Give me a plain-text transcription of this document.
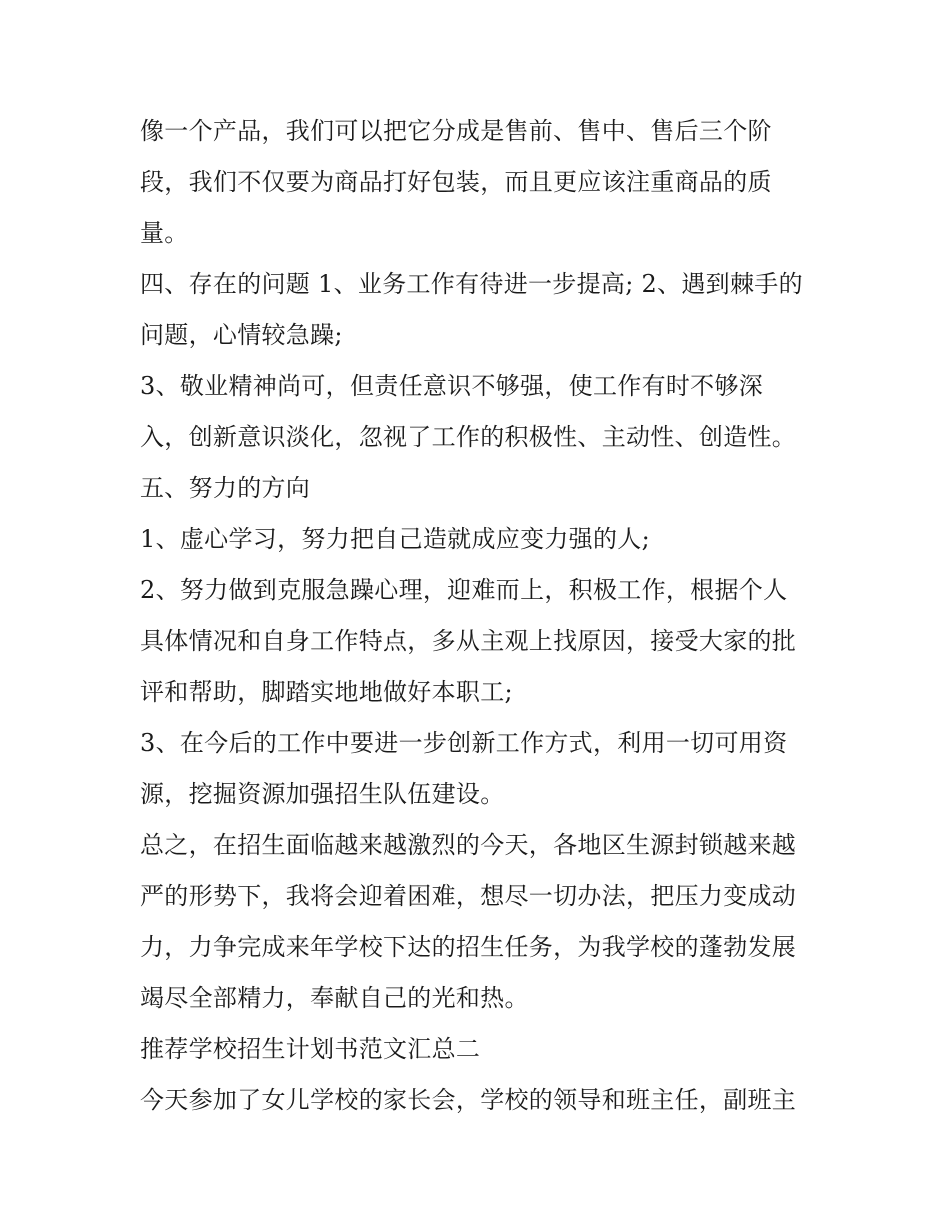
像一个产品，我们可以把它分成是售前、售中、售后三个阶
段，我们不仅要为商品打好包装，而且更应该注重商品的质
量。
四、存在的问题 1、业务工作有待进一步提高; 2、遇到棘手的
问题，心情较急躁;
3、敬业精神尚可，但责任意识不够强，使工作有时不够深
入，创新意识淡化，忽视了工作的积极性、主动性、创造性。
五、努力的方向
1、虚心学习，努力把自己造就成应变力强的人;
2、努力做到克服急躁心理，迎难而上，积极工作，根据个人
具体情况和自身工作特点，多从主观上找原因，接受大家的批
评和帮助，脚踏实地地做好本职工;
3、在今后的工作中要进一步创新工作方式，利用一切可用资
源，挖掘资源加强招生队伍建设。
总之，在招生面临越来越激烈的今天，各地区生源封锁越来越
严的形势下，我将会迎着困难，想尽一切办法，把压力变成动
力，力争完成来年学校下达的招生任务，为我学校的蓬勃发展
竭尽全部精力，奉献自己的光和热。
推荐学校招生计划书范文汇总二
今天参加了女儿学校的家长会，学校的领导和班主任，副班主
